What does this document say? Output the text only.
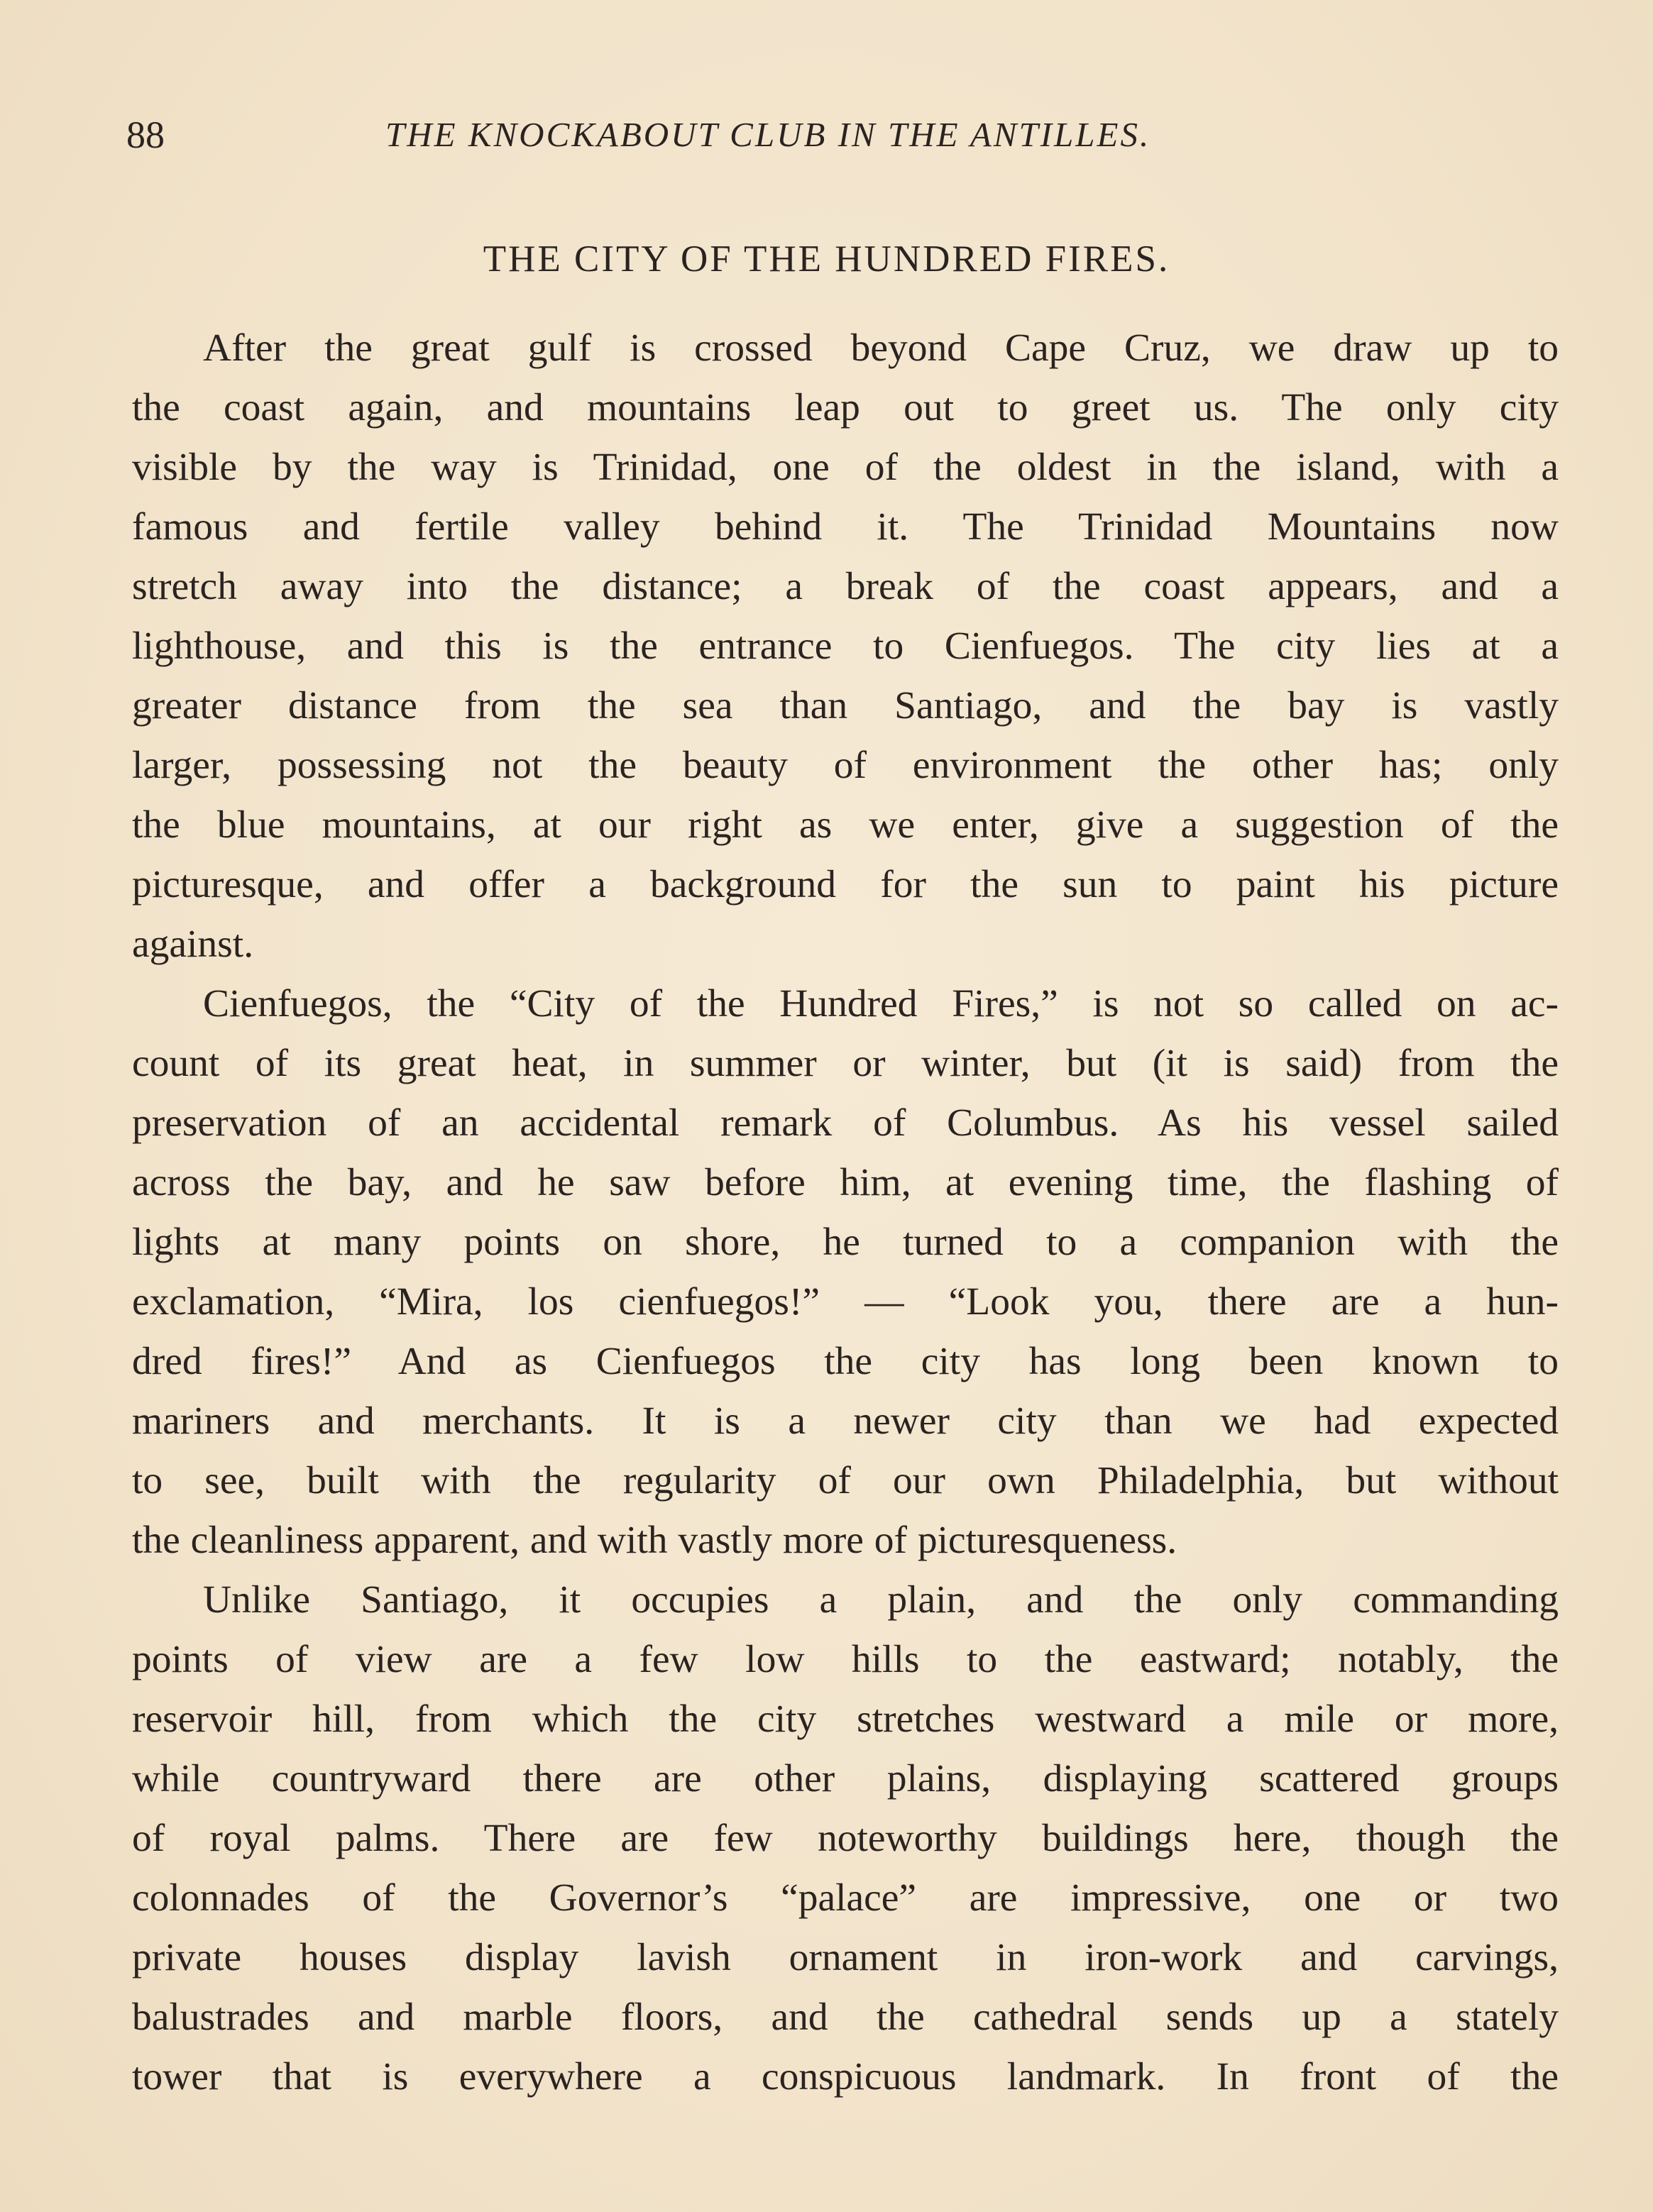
88	THE KNOCKABOUT CLUB IN THE ANTILLES.
THE CITY OF THE HUNDRED FIRES.
After the great gulf is crossed beyond Cape Cruz, we draw up to
the coast again, and mountains leap out to greet us. The only city
visible by the way is Trinidad, one of the oldest in the island, with a
famous and fertile valley behind it. The Trinidad Mountains now
stretch away into the distance; a break of the coast appears, and a
lighthouse, and this is the entrance to Cienfuegos. The city lies at a
greater distance from the sea than Santiago, and the bay is vastly
larger, possessing not the beauty of environment the other has; only
the blue mountains, at our right as we enter, give a suggestion of the
picturesque, and offer a background for the sun to paint his picture
against.
Cienfuegos, the “City of the Hundred Fires,” is not so called on ac-
count of its great heat, in summer or winter, but (it is said) from the
preservation of an accidental remark of Columbus. As his vessel sailed
across the bay, and he saw before him, at evening time, the flashing of
lights at many points on shore, he turned to a companion with the
exclamation, “Mira, los cienfuegos!” — “Look you, there are a hun-
dred fires!” And as Cienfuegos the city has long been known to
mariners and merchants. It is a newer city than we had expected
to see, built with the regularity of our own Philadelphia, but without
the cleanliness apparent, and with vastly more of picturesqueness.
Unlike Santiago, it occupies a plain, and the only commanding
points of view are a few low hills to the eastward; notably, the
reservoir hill, from which the city stretches westward a mile or more,
while countryward there are other plains, displaying scattered groups
of royal palms. There are few noteworthy buildings here, though the
colonnades of the Governor’s “palace” are impressive, one or two
private houses display lavish ornament in iron-work and carvings,
balustrades and marble floors, and the cathedral sends up a stately
tower that is everywhere a conspicuous landmark. In front of the
